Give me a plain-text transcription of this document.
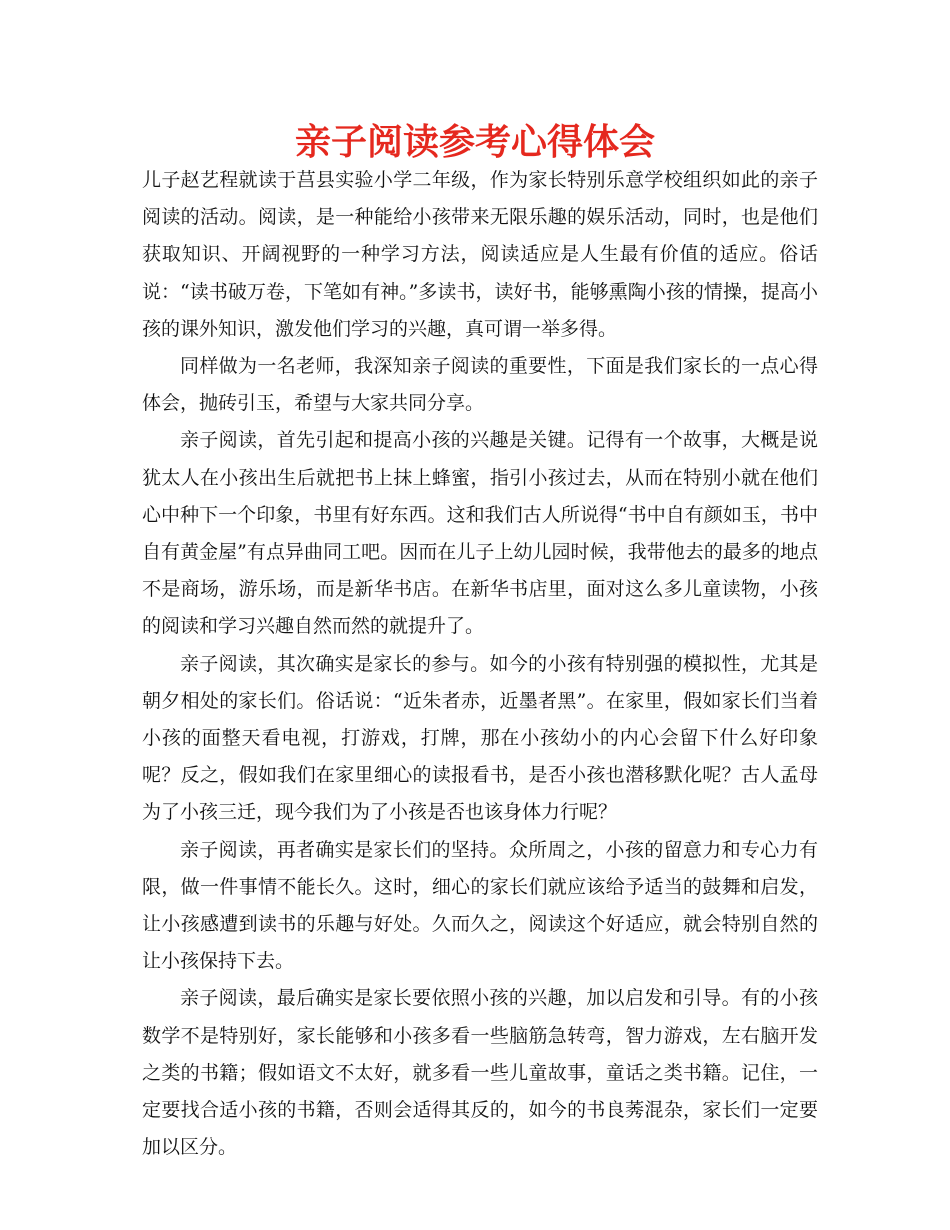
亲子阅读参考心得体会

儿子赵艺程就读于莒县实验小学二年级，作为家长特别乐意学校组织如此的亲子阅读的活动。阅读，是一种能给小孩带来无限乐趣的娱乐活动，同时，也是他们获取知识、开阔视野的一种学习方法，阅读适应是人生最有价值的适应。俗话说：“读书破万卷，下笔如有神。”多读书，读好书，能够熏陶小孩的情操，提高小孩的课外知识，激发他们学习的兴趣，真可谓一举多得。

同样做为一名老师，我深知亲子阅读的重要性，下面是我们家长的一点心得体会，抛砖引玉，希望与大家共同分享。

亲子阅读，首先引起和提高小孩的兴趣是关键。记得有一个故事，大概是说犹太人在小孩出生后就把书上抹上蜂蜜，指引小孩过去，从而在特别小就在他们心中种下一个印象，书里有好东西。这和我们古人所说得“书中自有颜如玉，书中自有黄金屋”有点异曲同工吧。因而在儿子上幼儿园时候，我带他去的最多的地点不是商场，游乐场，而是新华书店。在新华书店里，面对这么多儿童读物，小孩的阅读和学习兴趣自然而然的就提升了。

亲子阅读，其次确实是家长的参与。如今的小孩有特别强的模拟性，尤其是朝夕相处的家长们。俗话说：“近朱者赤，近墨者黑”。在家里，假如家长们当着小孩的面整天看电视，打游戏，打牌，那在小孩幼小的内心会留下什么好印象呢？反之，假如我们在家里细心的读报看书，是否小孩也潜移默化呢？古人孟母为了小孩三迁，现今我们为了小孩是否也该身体力行呢？

亲子阅读，再者确实是家长们的坚持。众所周之，小孩的留意力和专心力有限，做一件事情不能长久。这时，细心的家长们就应该给予适当的鼓舞和启发，让小孩感遭到读书的乐趣与好处。久而久之，阅读这个好适应，就会特别自然的让小孩保持下去。

亲子阅读，最后确实是家长要依照小孩的兴趣，加以启发和引导。有的小孩数学不是特别好，家长能够和小孩多看一些脑筋急转弯，智力游戏，左右脑开发之类的书籍；假如语文不太好，就多看一些儿童故事，童话之类书籍。记住，一定要找合适小孩的书籍，否则会适得其反的，如今的书良莠混杂，家长们一定要加以区分。
